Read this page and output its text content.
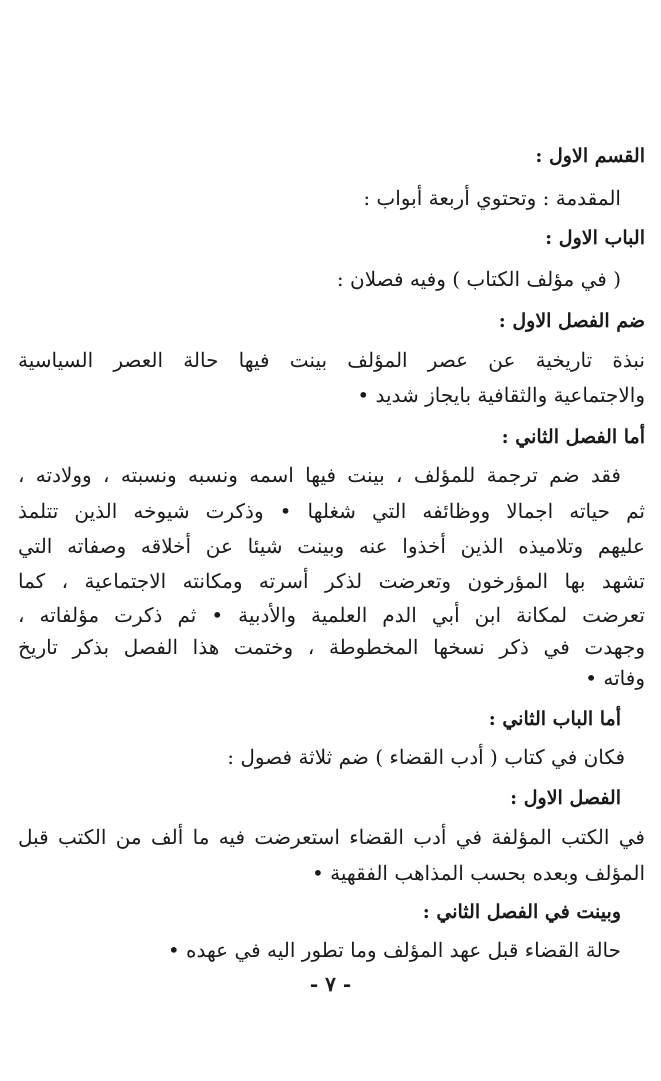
القسم الاول :
المقدمة : وتحتوي أربعة أبواب :
الباب الاول :
( في مؤلف الكتاب ) وفيه فصلان :
ضم الفصل الاول :
نبذة تاريخية عن عصر المؤلف بينت فيها حالة العصر السياسية
والاجتماعية والثقافية بايجاز شديد •
أما الفصل الثاني :
فقد ضم ترجمة للمؤلف ، بينت فيها اسمه ونسبه ونسبته ، وولادته ،
ثم حياته اجمالا ووظائفه التي شغلها • وذكرت شيوخه الذين تتلمذ
عليهم وتلاميذه الذين أخذوا عنه وبينت شيئا عن أخلاقه وصفاته التي
تشهد بها المؤرخون وتعرضت لذكر أسرته ومكانته الاجتماعية ، كما
تعرضت لمكانة ابن أبي الدم العلمية والأدبية • ثم ذكرت مؤلفاته ،
وجهدت في ذكر نسخها المخطوطة ، وختمت هذا الفصل بذكر تاريخ
وفاته •
أما الباب الثاني :
فكان في كتاب ( أدب القضاء ) ضم ثلاثة فصول :
الفصل الاول :
في الكتب المؤلفة في أدب القضاء استعرضت فيه ما ألف من الكتب قبل
المؤلف وبعده بحسب المذاهب الفقهية •
وبينت في الفصل الثاني :
حالة القضاء قبل عهد المؤلف وما تطور اليه في عهده •
- ٧ -
